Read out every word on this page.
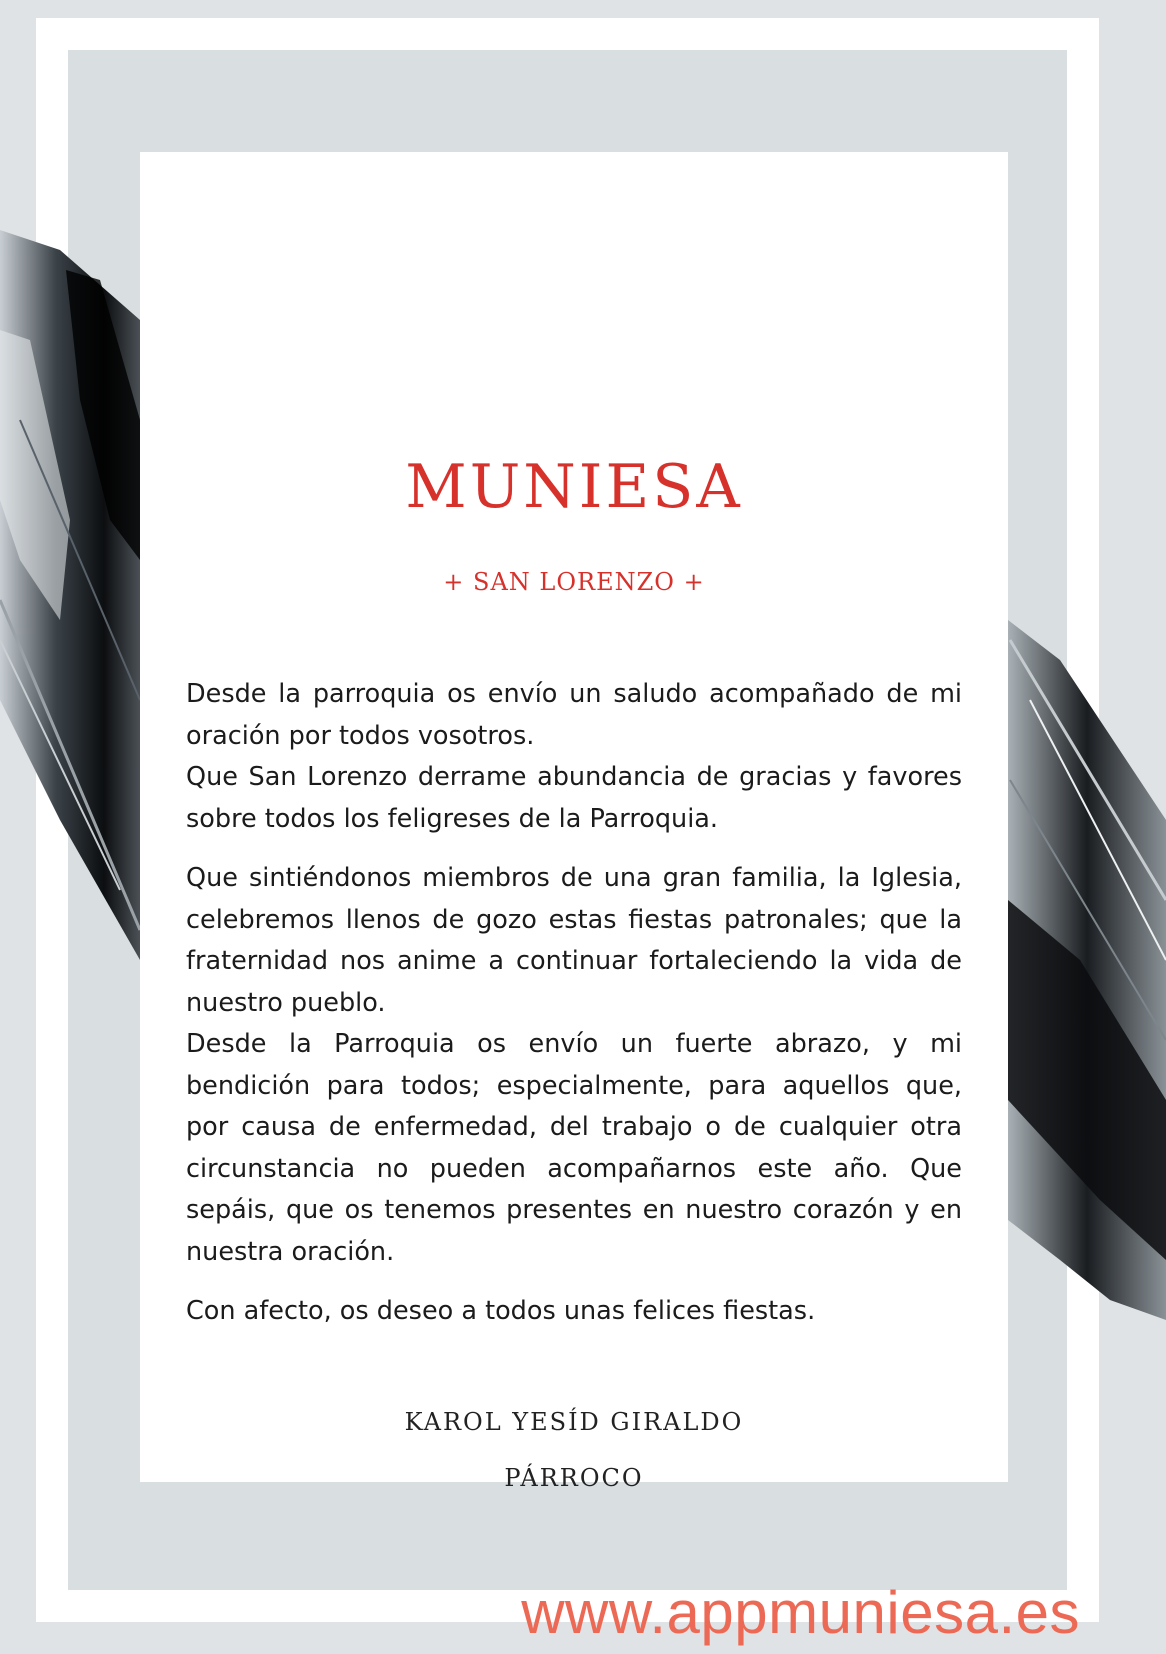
MUNIESA
+ SAN LORENZO +

Desde la parroquia os envío un saludo acompañado de mi oración por todos vosotros.

Que San Lorenzo derrame abundancia de gracias y favores sobre todos los feligreses de la Parroquia.

Que sintiéndonos miembros de una gran familia, la Iglesia, celebremos llenos de gozo estas fiestas patronales; que la fraternidad nos anime a continuar fortaleciendo la vida de nuestro pueblo.

Desde la Parroquia os envío un fuerte abrazo, y mi bendición para todos; especialmente, para aquellos que, por causa de enfermedad, del trabajo o de cualquier otra circunstancia no pueden acompañarnos este año. Que sepáis, que os tenemos presentes en nuestro corazón y en nuestra oración.

Con afecto, os deseo a todos unas felices fiestas.

KAROL YESÍD GIRALDO
PÁRROCO
www.appmuniesa.es
